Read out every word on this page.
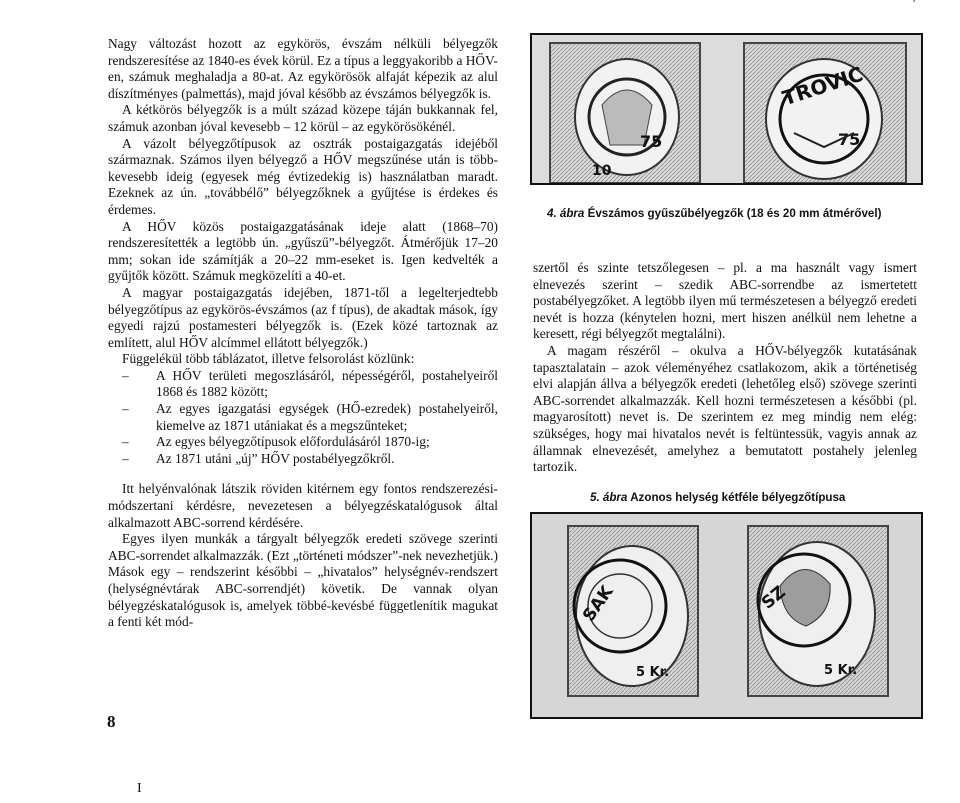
'

Nagy változást hozott az egykörös, évszám nélküli bélyegzők rendszeresítése az 1840-es évek körül. Ez a típus a leggyakoribb a HŐV-en, számuk meghaladja a 80-at. Az egykörösök alfaját képezik az alul díszítményes (palmettás), majd jóval később az évszámos bélyegzők is.

A kétkörös bélyegzők is a múlt század közepe táján bukkannak fel, számuk azonban jóval kevesebb – 12 körül – az egykörösökénél.

A vázolt bélyegzőtípusok az osztrák postaigazgatás idejéből származnak. Számos ilyen bélyegző a HŐV megszűnése után is több-kevesebb ideig (egyesek még évtizedekig is) használatban maradt. Ezeknek az ún. „továbbélő” bélyegzőknek a gyűjtése is érdekes és érdemes.

A HŐV közös postaigazgatásának ideje alatt (1868–70) rendszeresítették a legtöbb ún. „gyűszű”-bélyegzőt. Átmérőjük 17–20 mm; sokan ide számítják a 20–22 mm-eseket is. Igen kedvelték a gyűjtők között. Számuk megközelíti a 40-et.

A magyar postaigazgatás idejében, 1871-től a legelterjedtebb bélyegzőtípus az egykörös-évszámos (az f típus), de akadtak mások, így egyedi rajzú postamesteri bélyegzők is. (Ezek közé tartoznak az említett, alul HŐV alcímmel ellátott bélyegzők.)

Függelékül több táblázatot, illetve felsorolást közlünk:

– A HŐV területi megoszlásáról, népességéről, postahelyeiről 1868 és 1882 között;
– Az egyes igazgatási egységek (HŐ-ezredek) postahelyeiről, kiemelve az 1871 utániakat és a megszűnteket;
– Az egyes bélyegzőtípusok előfordulásáról 1870-ig;
– Az 1871 utáni „új” HŐV postabélyegzőkről.

Itt helyénvalónak látszik röviden kitérnem egy fontos rendszerezési-módszertani kérdésre, nevezetesen a bélyegzéskatalógusok által alkalmazott ABC-sorrend kérdésére.

Egyes ilyen munkák a tárgyalt bélyegzők eredeti szövege szerinti ABC-sorrendet alkalmazzák. (Ezt „történeti módszer”-nek nevezhetjük.) Mások egy – rendszerint későbbi – „hivatalos” helységnév-rendszert (helységnévtárak ABC-sorrendjét) követik. De vannak olyan bélyegzéskatalógusok is, amelyek többé-kevésbé függetlenítik magukat a fenti két mód-

75
10
TROVIC
75
4. ábra Évszámos gyűszűbélyegzők (18 és 20 mm átmérővel)

szertől és szinte tetszőlegesen – pl. a ma használt vagy ismert elnevezés szerint – szedik ABC-sorrendbe az ismertetett postabélyegzőket. A legtöbb ilyen mű természetesen a bélyegző eredeti nevét is hozza (kénytelen hozni, mert hiszen anélkül nem lehetne a keresett, régi bélyegzőt megtalálni).

A magam részéről – okulva a HŐV-bélyegzők kutatásának tapasztalatain – azok véleményéhez csatlakozom, akik a történetiség elvi alapján állva a bélyegzők eredeti (lehetőleg első) szövege szerinti ABC-sorrendet alkalmazzák. Kell hozni természetesen a későbbi (pl. magyarosított) nevet is. De szerintem ez meg mindig nem elég: szükséges, hogy mai hivatalos nevét is feltüntessük, vagyis annak az államnak elnevezését, amelyhez a bemutatott postahely jelenleg tartozik.

5. ábra Azonos helység kétféle bélyegzőtípusa
SAK
5 Kr.
SZ
5 Kr.
8
I
